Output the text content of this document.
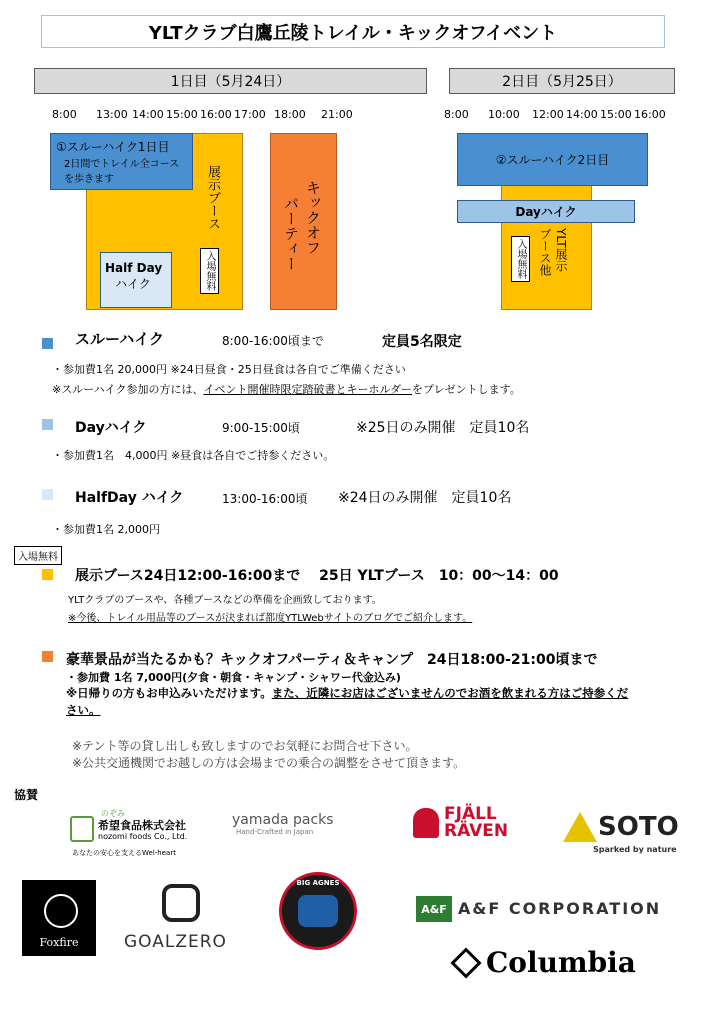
YLTクラブ白鷹丘陵トレイル・キックオフイベント
1日目（5月24日）	2日目（5月25日）
8:00 13:00 14:00 15:00 16:00 17:00 18:00 21:00	8:00 10:00 12:00 14:00 15:00 16:00
展示ブース
入場無料
①スルーハイク1日目
2日間でトレイル全コース
を歩きます
Half Day
ハイク
キックオフ
パーティー	YLT展示
ブース他
入場無料
②スルーハイク2日目
Dayハイク
スルーハイク	8:00-16:00頃まで	定員5名限定
・参加費1名 20,000円 ※24日昼食・25日昼食は各自でご準備ください
※スルーハイク参加の方には、イベント開催時限定踏破書とキーホルダーをプレゼントします。
Dayハイク	9:00-15:00頃	※25日のみ開催　定員10名
・参加費1名　4,000円 ※昼食は各自でご持参ください。
HalfDay ハイク	13:00-16:00頃 ※24日のみ開催　定員10名
・参加費1名 2,000円
入場無料
展示ブース24日12:00-16:00まで　 25日 YLTブース　10：00～14：00
YLTクラブのブースや、各種ブースなどの準備を企画致しております。
※今後、トレイル用品等のブースが決まれば都度YTLWebサイトのブログでご紹介します。
豪華景品が当たるかも？キックオフパーティ＆キャンプ　24日18:00-21:00頃まで
・参加費 1名 7,000円(夕食・朝食・キャンプ・シャワー代金込み)
※日帰りの方もお申込みいただけます。また、近隣にお店はございませんのでお酒を飲まれる方はご持参くだ
さい。
※テント等の貸し出しも致しますのでお気軽にお問合せ下さい。
※公共交通機関でお越しの方は会場までの乗合の調整をさせて頂きます。
協賛
のぞみ
希望食品株式会社
nozomi foods Co., Ltd.
あなたの安心を支えるWel-heart
yamada packs
Hand-Crafted in Japan
FJÄLL
RÄVEN	SOTO
Sparked by nature
Foxfire	GOALZERO
BIG AGNES
A&F A&F CORPORATION
Columbia
